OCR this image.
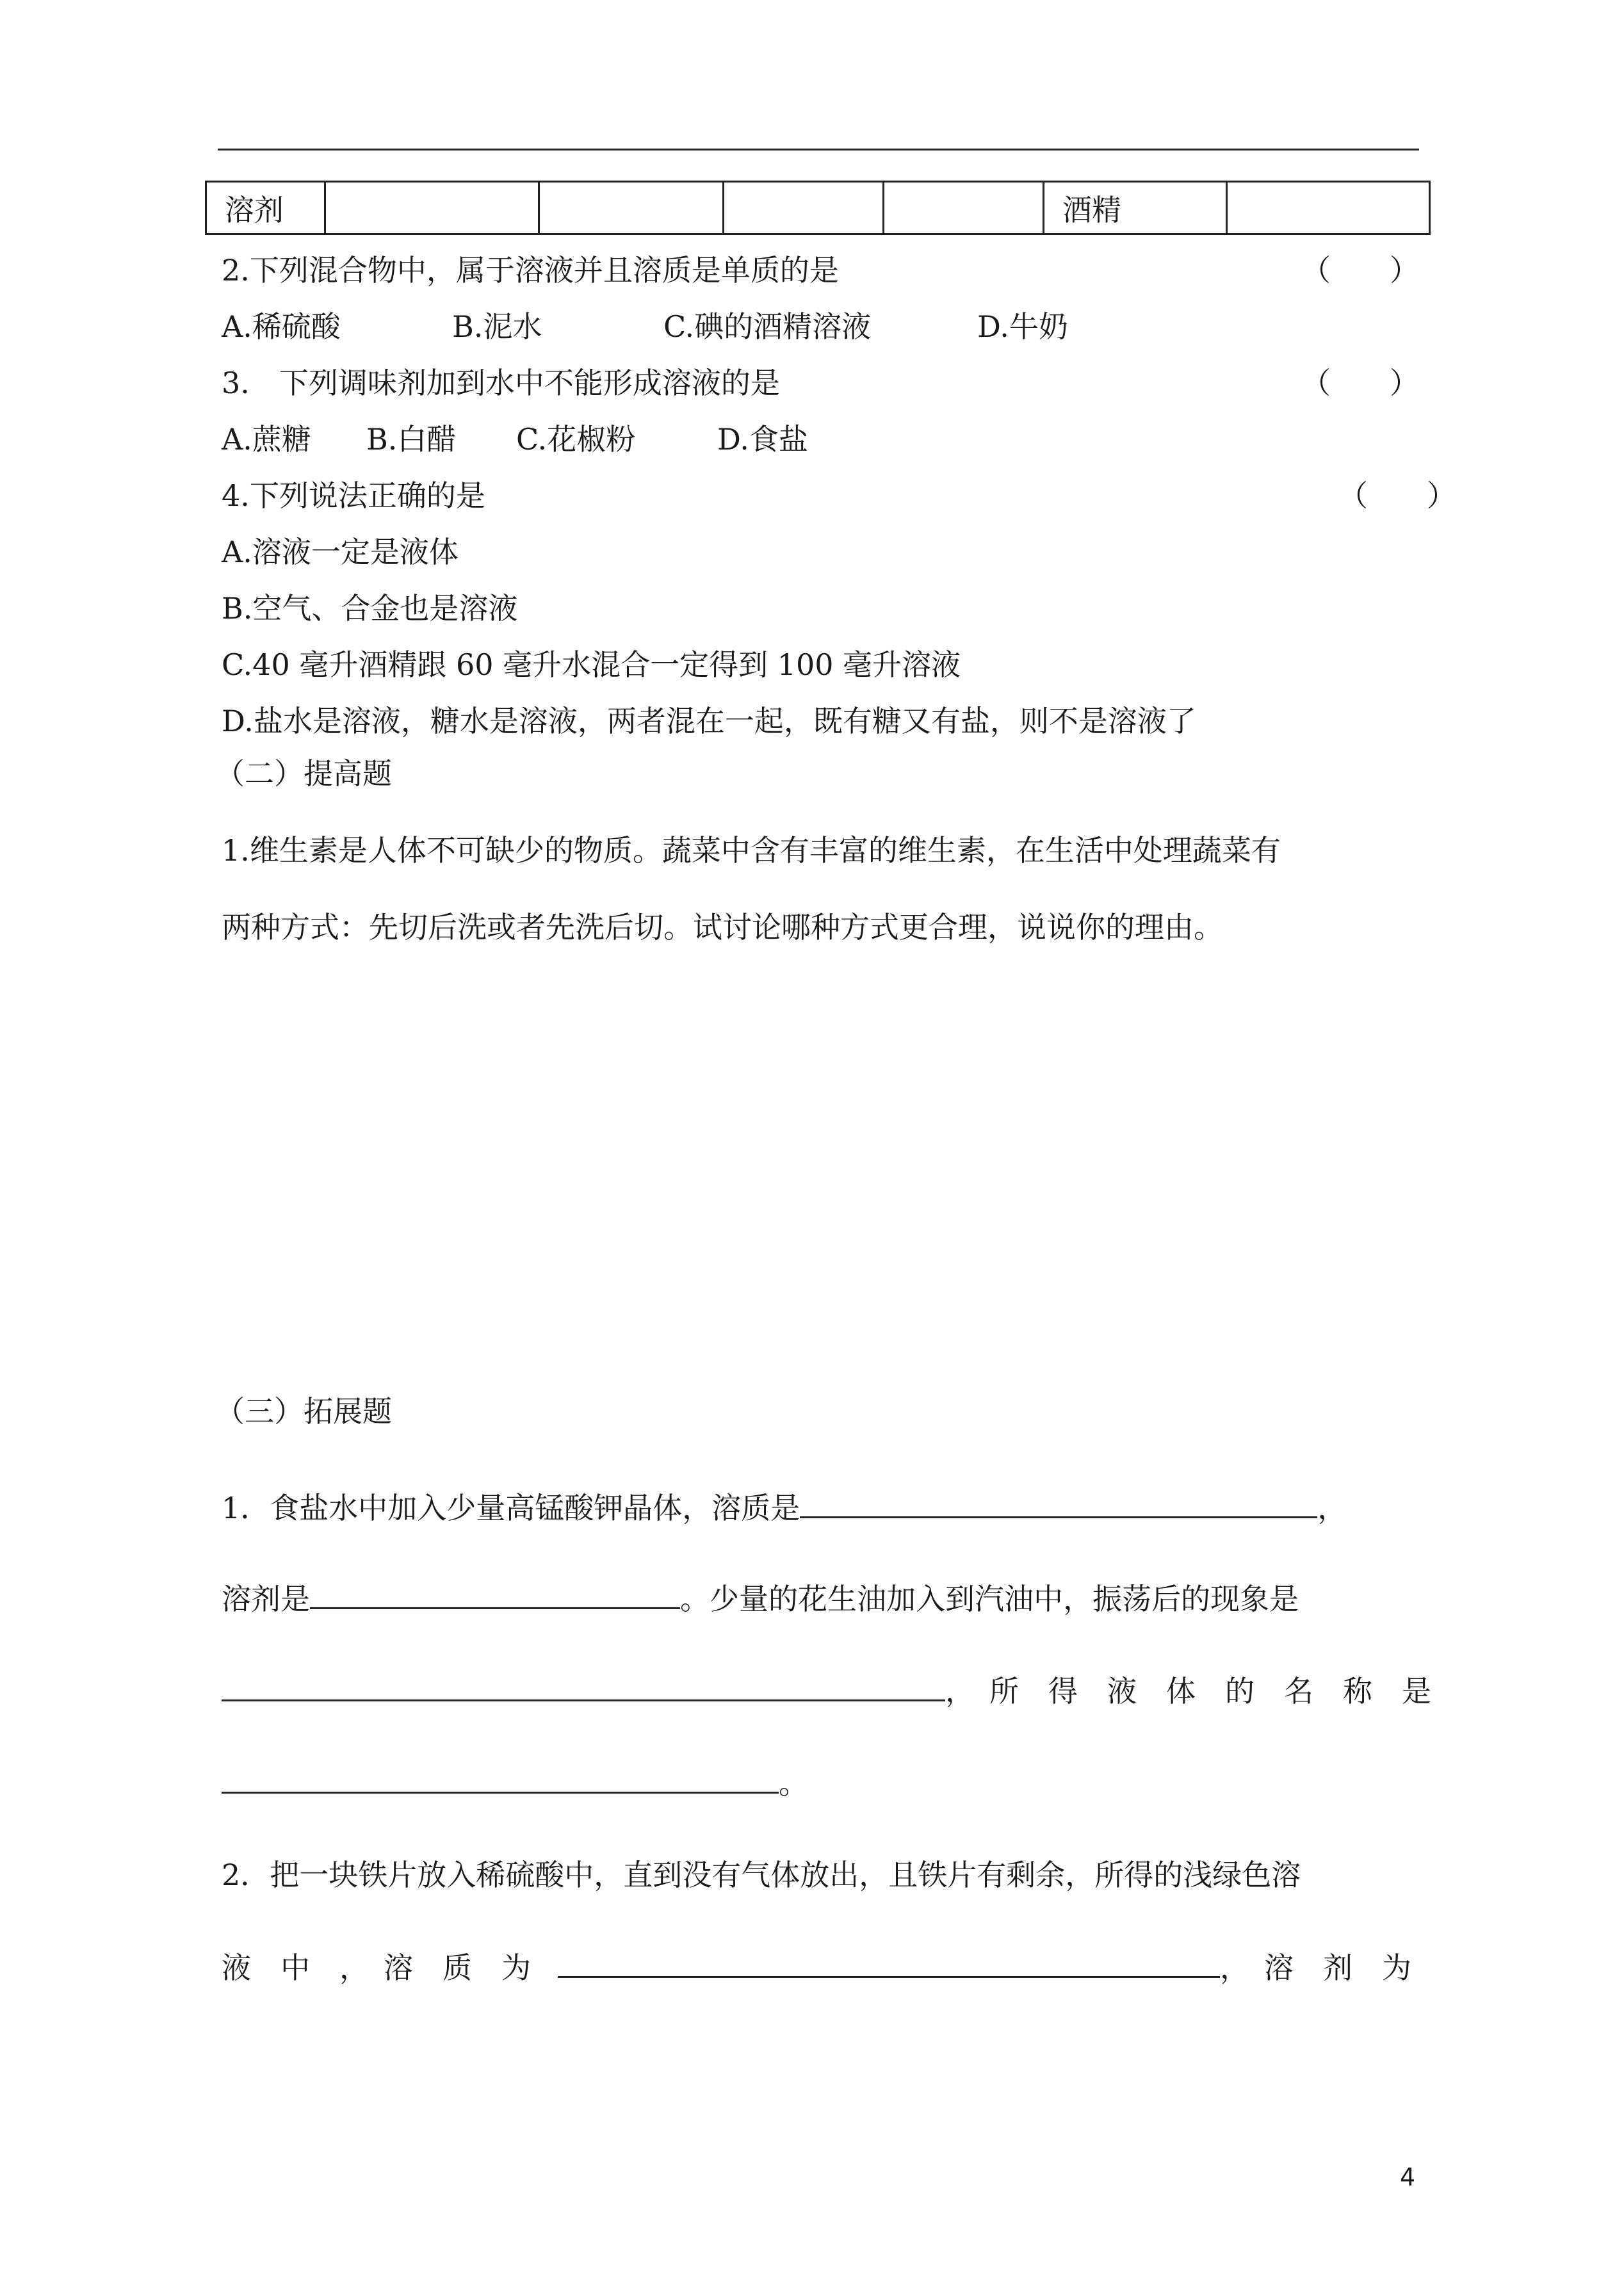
溶剂					酒精	
2.下列混合物中，属于溶液并且溶质是单质的是	（　　）
A.稀硫酸	B.泥水	C.碘的酒精溶液	D.牛奶
3.　下列调味剂加到水中不能形成溶液的是	（　　）
A.蔗糖 B.白醋 C.花椒粉	D.食盐
4.下列说法正确的是	（　　）
A.溶液一定是液体
B.空气、合金也是溶液
C.40 毫升酒精跟 60 毫升水混合一定得到 100 毫升溶液
D.盐水是溶液，糖水是溶液，两者混在一起，既有糖又有盐，则不是溶液了
（二）提高题
1.维生素是人体不可缺少的物质。蔬菜中含有丰富的维生素，在生活中处理蔬菜有
两种方式：先切后洗或者先洗后切。试讨论哪种方式更合理，说说你的理由。
（三）拓展题
1．食盐水中加入少量高锰酸钾晶体，溶质是	，
溶剂是	。少量的花生油加入到汽油中，振荡后的现象是
，　所　得　液　体　的　名　称　是
。
2．把一块铁片放入稀硫酸中，直到没有气体放出，且铁片有剩余，所得的浅绿色溶
液　中　，　溶　质　为	，　溶　剂　为
4
